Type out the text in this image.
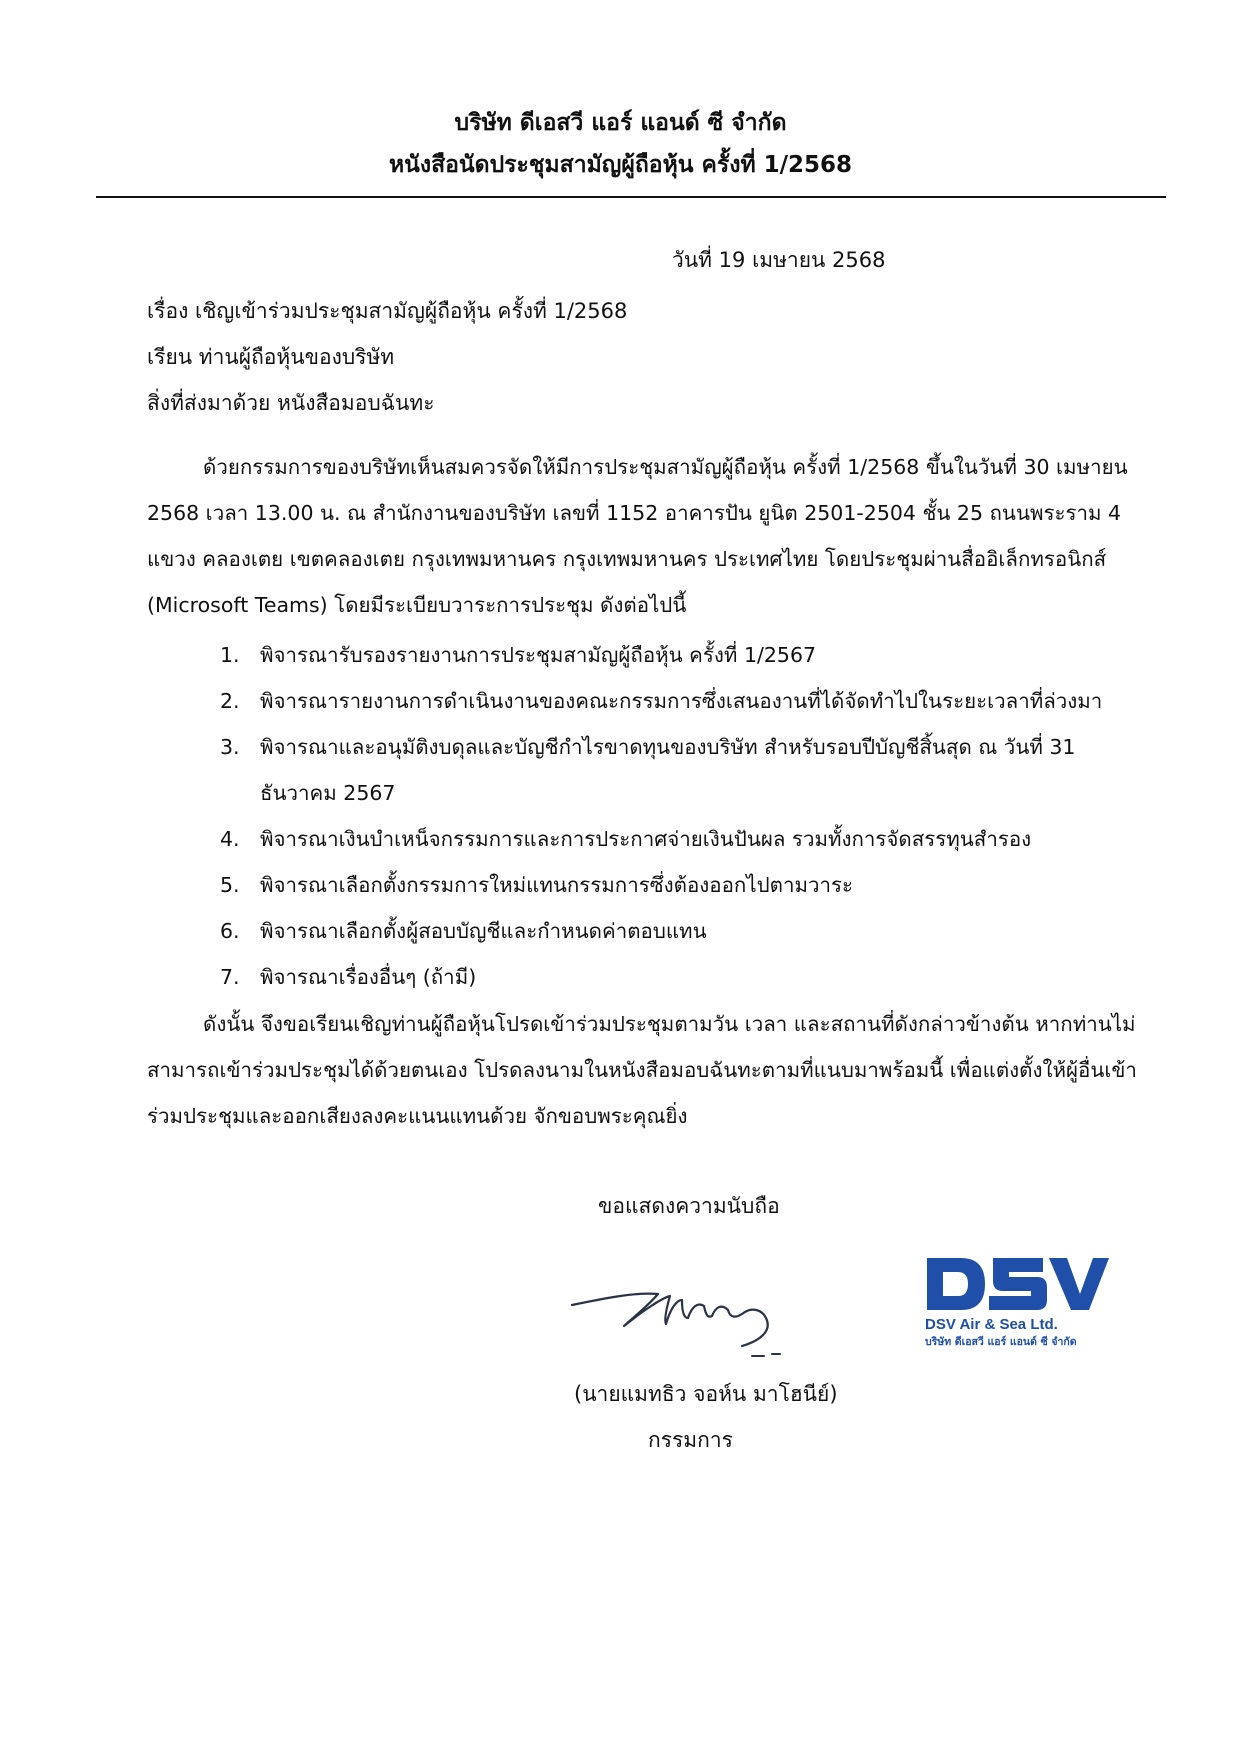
บริษัท ดีเอสวี แอร์ แอนด์ ซี จำกัด
หนังสือนัดประชุมสามัญผู้ถือหุ้น ครั้งที่ 1/2568
วันที่ 19 เมษายน 2568
เรื่อง เชิญเข้าร่วมประชุมสามัญผู้ถือหุ้น ครั้งที่ 1/2568
เรียน ท่านผู้ถือหุ้นของบริษัท
สิ่งที่ส่งมาด้วย หนังสือมอบฉันทะ
ด้วยกรรมการของบริษัทเห็นสมควรจัดให้มีการประชุมสามัญผู้ถือหุ้น ครั้งที่ 1/2568 ขึ้นในวันที่ 30 เมษายน 2568 เวลา 13.00 น. ณ สำนักงานของบริษัท เลขที่ 1152 อาคารปัน ยูนิต 2501-2504 ชั้น 25 ถนนพระราม 4 แขวง คลองเตย เขตคลองเตย กรุงเทพมหานคร กรุงเทพมหานคร ประเทศไทย โดยประชุมผ่านสื่ออิเล็กทรอนิกส์ (Microsoft Teams) โดยมีระเบียบวาระการประชุม ดังต่อไปนี้
1. พิจารณารับรองรายงานการประชุมสามัญผู้ถือหุ้น ครั้งที่ 1/2567
2. พิจารณารายงานการดำเนินงานของคณะกรรมการซึ่งเสนองานที่ได้จัดทำไปในระยะเวลาที่ล่วงมา
3. พิจารณาและอนุมัติงบดุลและบัญชีกำไรขาดทุนของบริษัท สำหรับรอบปีบัญชีสิ้นสุด ณ วันที่ 31 ธันวาคม 2567
4. พิจารณาเงินบำเหน็จกรรมการและการประกาศจ่ายเงินปันผล รวมทั้งการจัดสรรทุนสำรอง
5. พิจารณาเลือกตั้งกรรมการใหม่แทนกรรมการซึ่งต้องออกไปตามวาระ
6. พิจารณาเลือกตั้งผู้สอบบัญชีและกำหนดค่าตอบแทน
7. พิจารณาเรื่องอื่นๆ (ถ้ามี)
ดังนั้น จึงขอเรียนเชิญท่านผู้ถือหุ้นโปรดเข้าร่วมประชุมตามวัน เวลา และสถานที่ดังกล่าวข้างต้น หากท่านไม่สามารถเข้าร่วมประชุมได้ด้วยตนเอง โปรดลงนามในหนังสือมอบฉันทะตามที่แนบมาพร้อมนี้ เพื่อแต่งตั้งให้ผู้อื่นเข้าร่วมประชุมและออกเสียงลงคะแนนแทนด้วย จักขอบพระคุณยิ่ง
ขอแสดงความนับถือ
(นายแมทธิว จอห์น มาโฮนีย์)
กรรมการ
DSV Air & Sea Ltd.
บริษัท ดีเอสวี แอร์ แอนด์ ซี จำกัด
